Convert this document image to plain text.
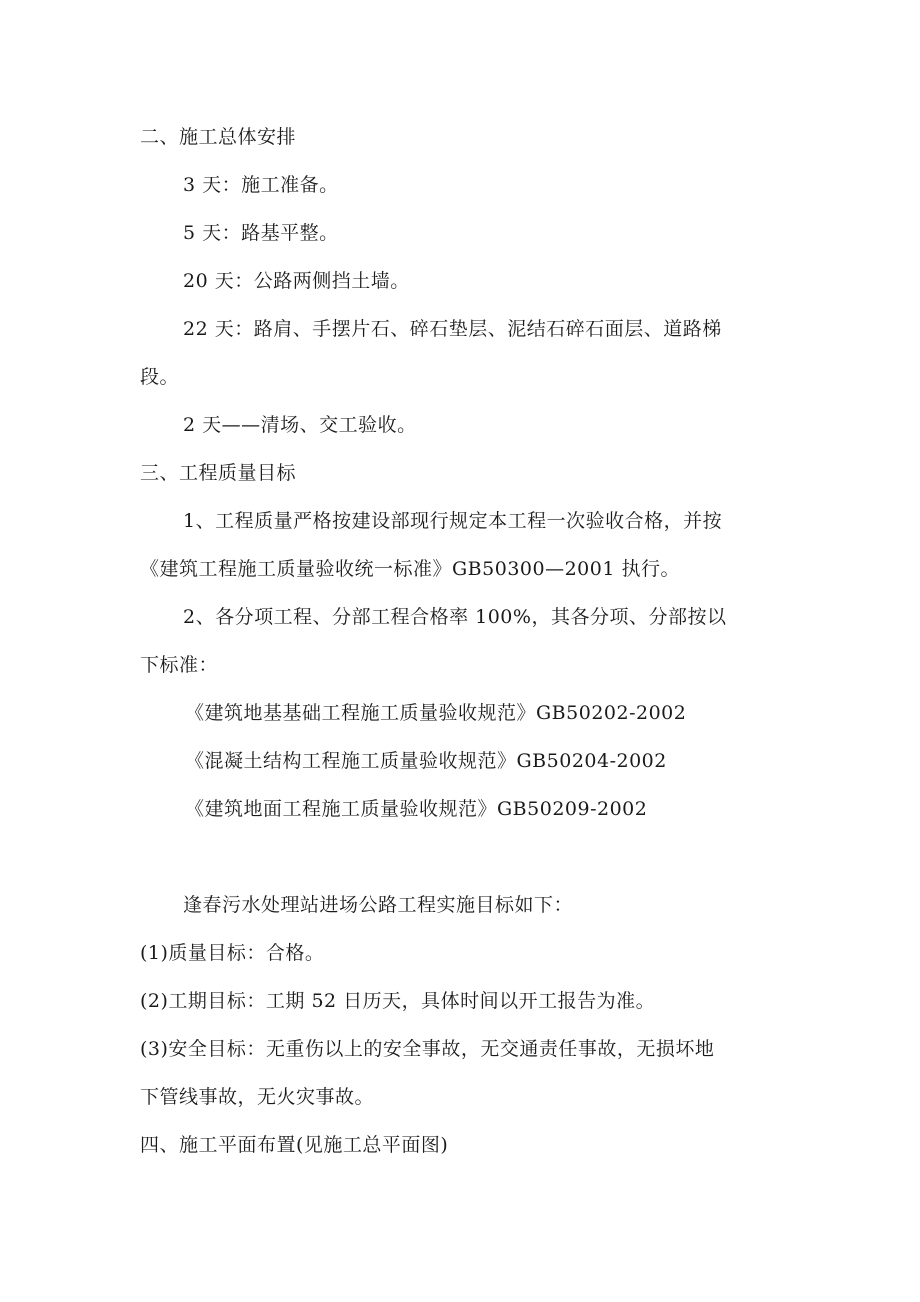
二、施工总体安排

3 天：施工准备。

5 天：路基平整。

20 天：公路两侧挡土墙。

22 天：路肩、手摆片石、碎石垫层、泥结石碎石面层、道路梯

段。

2 天——清场、交工验收。

三、工程质量目标

1、工程质量严格按建设部现行规定本工程一次验收合格，并按

《建筑工程施工质量验收统一标准》GB50300—2001 执行。

2、各分项工程、分部工程合格率 100%，其各分项、分部按以

下标准：

《建筑地基基础工程施工质量验收规范》GB50202-2002

《混凝土结构工程施工质量验收规范》GB50204-2002

《建筑地面工程施工质量验收规范》GB50209-2002

逢春污水处理站进场公路工程实施目标如下：

(1)质量目标：合格。

(2)工期目标：工期 52 日历天，具体时间以开工报告为准。

(3)安全目标：无重伤以上的安全事故，无交通责任事故，无损坏地

下管线事故，无火灾事故。

四、施工平面布置(见施工总平面图)
